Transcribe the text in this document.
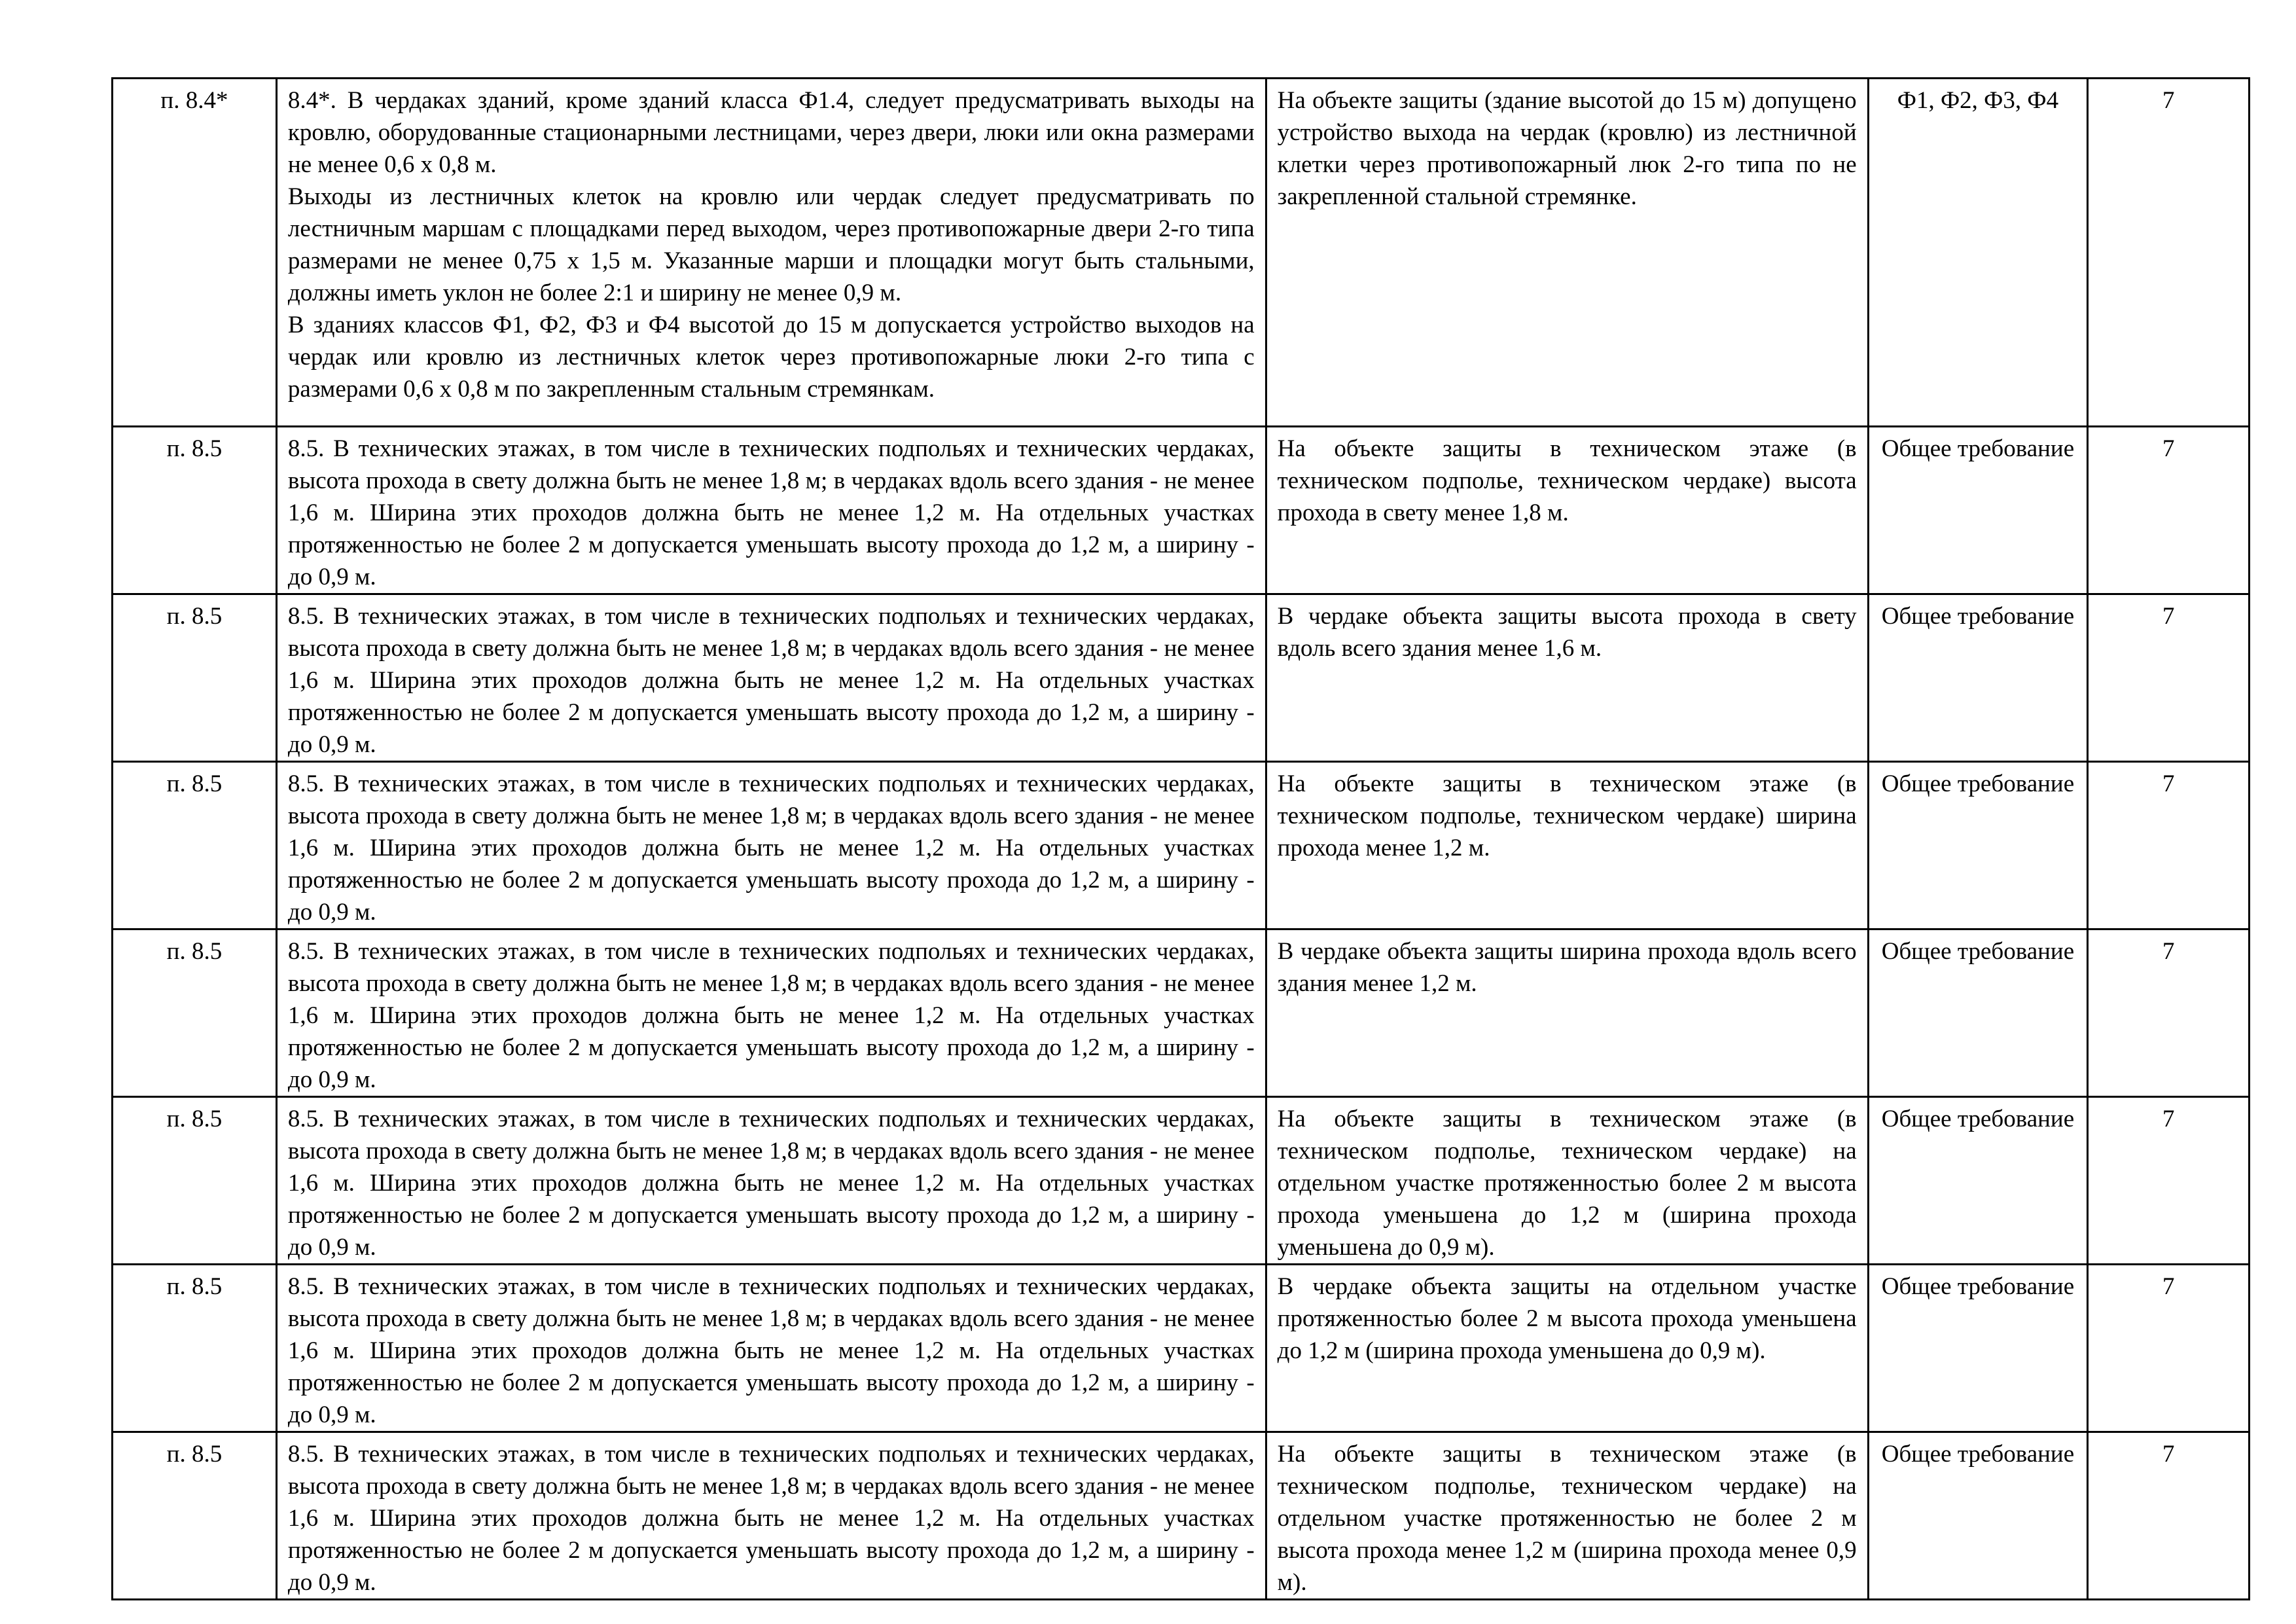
п. 8.4*	8.4*. В чердаках зданий, кроме зданий класса Ф1.4, следует предусматривать выходы на кровлю, оборудованные стационарными лестницами, через двери, люки или окна размерами не менее 0,6 х 0,8 м.
Выходы из лестничных клеток на кровлю или чердак следует предусматривать по лестничным маршам с площадками перед выходом, через противопожарные двери 2-го типа размерами не менее 0,75 х 1,5 м. Указанные марши и площадки могут быть стальными, должны иметь уклон не более 2:1 и ширину не менее 0,9 м.
В зданиях классов Ф1, Ф2, Ф3 и Ф4 высотой до 15 м допускается устройство выходов на чердак или кровлю из лестничных клеток через противопожарные люки 2-го типа с размерами 0,6 х 0,8 м по закрепленным стальным стремянкам.	На объекте защиты (здание высотой до 15 м) допущено устройство выхода на чердак (кровлю) из лестничной клетки через противопожарный люк 2-го типа по не закрепленной стальной стремянке.	Ф1, Ф2, Ф3, Ф4	7
п. 8.5	8.5. В технических этажах, в том числе в технических подпольях и технических чердаках, высота прохода в свету должна быть не менее 1,8 м; в чердаках вдоль всего здания - не менее 1,6 м. Ширина этих проходов должна быть не менее 1,2 м. На отдельных участках протяженностью не более 2 м допускается уменьшать высоту прохода до 1,2 м, а ширину - до 0,9 м.	На объекте защиты в техническом этаже (в техническом подполье, техническом чердаке) высота прохода в свету менее 1,8 м.	Общее требование	7
п. 8.5	8.5. В технических этажах, в том числе в технических подпольях и технических чердаках, высота прохода в свету должна быть не менее 1,8 м; в чердаках вдоль всего здания - не менее 1,6 м. Ширина этих проходов должна быть не менее 1,2 м. На отдельных участках протяженностью не более 2 м допускается уменьшать высоту прохода до 1,2 м, а ширину - до 0,9 м.	В чердаке объекта защиты высота прохода в свету вдоль всего здания менее 1,6 м.	Общее требование	7
п. 8.5	8.5. В технических этажах, в том числе в технических подпольях и технических чердаках, высота прохода в свету должна быть не менее 1,8 м; в чердаках вдоль всего здания - не менее 1,6 м. Ширина этих проходов должна быть не менее 1,2 м. На отдельных участках протяженностью не более 2 м допускается уменьшать высоту прохода до 1,2 м, а ширину - до 0,9 м.	На объекте защиты в техническом этаже (в техническом подполье, техническом чердаке) ширина прохода менее 1,2 м.	Общее требование	7
п. 8.5	8.5. В технических этажах, в том числе в технических подпольях и технических чердаках, высота прохода в свету должна быть не менее 1,8 м; в чердаках вдоль всего здания - не менее 1,6 м. Ширина этих проходов должна быть не менее 1,2 м. На отдельных участках протяженностью не более 2 м допускается уменьшать высоту прохода до 1,2 м, а ширину - до 0,9 м.	В чердаке объекта защиты ширина прохода вдоль всего здания менее 1,2 м.	Общее требование	7
п. 8.5	8.5. В технических этажах, в том числе в технических подпольях и технических чердаках, высота прохода в свету должна быть не менее 1,8 м; в чердаках вдоль всего здания - не менее 1,6 м. Ширина этих проходов должна быть не менее 1,2 м. На отдельных участках протяженностью не более 2 м допускается уменьшать высоту прохода до 1,2 м, а ширину - до 0,9 м.	На объекте защиты в техническом этаже (в техническом подполье, техническом чердаке) на отдельном участке протяженностью более 2 м высота прохода уменьшена до 1,2 м (ширина прохода уменьшена до 0,9 м).	Общее требование	7
п. 8.5	8.5. В технических этажах, в том числе в технических подпольях и технических чердаках, высота прохода в свету должна быть не менее 1,8 м; в чердаках вдоль всего здания - не менее 1,6 м. Ширина этих проходов должна быть не менее 1,2 м. На отдельных участках протяженностью не более 2 м допускается уменьшать высоту прохода до 1,2 м, а ширину - до 0,9 м.	В чердаке объекта защиты на отдельном участке протяженностью более 2 м высота прохода уменьшена до 1,2 м (ширина прохода уменьшена до 0,9 м).	Общее требование	7
п. 8.5	8.5. В технических этажах, в том числе в технических подпольях и технических чердаках, высота прохода в свету должна быть не менее 1,8 м; в чердаках вдоль всего здания - не менее 1,6 м. Ширина этих проходов должна быть не менее 1,2 м. На отдельных участках протяженностью не более 2 м допускается уменьшать высоту прохода до 1,2 м, а ширину - до 0,9 м.	На объекте защиты в техническом этаже (в техническом подполье, техническом чердаке) на отдельном участке протяженностью не более 2 м высота прохода менее 1,2 м (ширина прохода менее 0,9 м).	Общее требование	7
